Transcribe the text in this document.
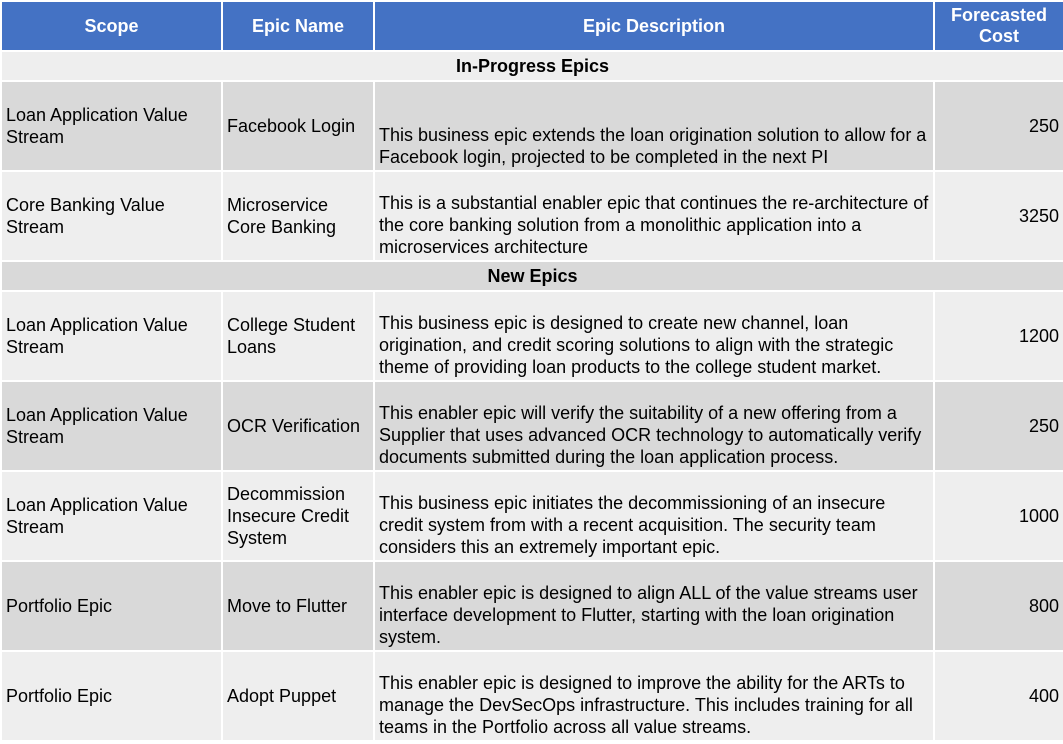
Scope	Epic Name	Epic Description	Forecasted Cost
In-Progress Epics			
Loan Application Value Stream	Facebook Login	This business epic extends the loan origination solution to allow for a Facebook login, projected to be completed in the next PI	250
Core Banking Value Stream	Microservice Core Banking	This is a substantial enabler epic that continues the re-architecture of the core banking solution from a monolithic application into a microservices architecture	3250
New Epics			
Loan Application Value Stream	College Student Loans	This business epic is designed to create new channel, loan origination, and credit scoring solutions to align with the strategic theme of providing loan products to the college student market.	1200
Loan Application Value Stream	OCR Verification	This enabler epic will verify the suitability of a new offering from a Supplier that uses advanced OCR technology to automatically verify documents submitted during the loan application process.	250
Loan Application Value Stream	Decommission Insecure Credit System	This business epic initiates the decommissioning of an insecure credit system from with a recent acquisition. The security team considers this an extremely important epic.	1000
Portfolio Epic	Move to Flutter	This enabler epic is designed to align ALL of the value streams user interface development to Flutter, starting with the loan origination system.	800
Portfolio Epic	Adopt Puppet	This enabler epic is designed to improve the ability for the ARTs to manage the DevSecOps infrastructure. This includes training for all teams in the Portfolio across all value streams.	400
